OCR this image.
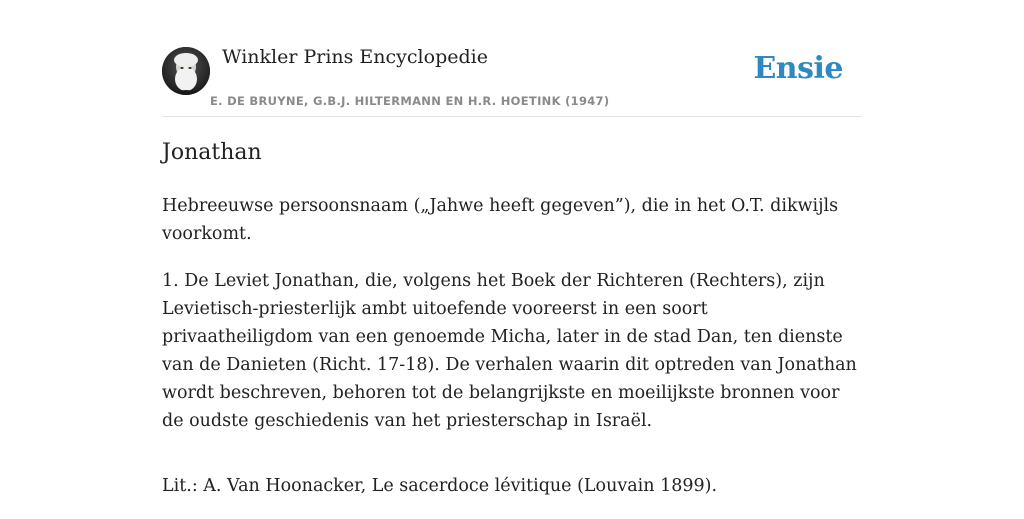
Winkler Prins Encyclopedie
E. DE BRUYNE, G.B.J. HILTERMANN EN H.R. HOETINK (1947)
Ensie
Jonathan

Hebreeuwse persoonsnaam („Jahwe heeft gegeven”), die in het O.T. dikwijls voorkomt.

1. De Leviet Jonathan, die, volgens het Boek der Richteren (Rechters), zijn Levietisch-priesterlijk ambt uitoefende vooreerst in een soort privaatheiligdom van een genoemde Micha, later in de stad Dan, ten dienste van de Danieten (Richt. 17-18). De verhalen waarin dit optreden van Jonathan wordt beschreven, behoren tot de belangrijkste en moeilijkste bronnen voor de oudste geschiedenis van het priesterschap in Israël.

Lit.: A. Van Hoonacker, Le sacerdoce lévitique (Louvain 1899).
